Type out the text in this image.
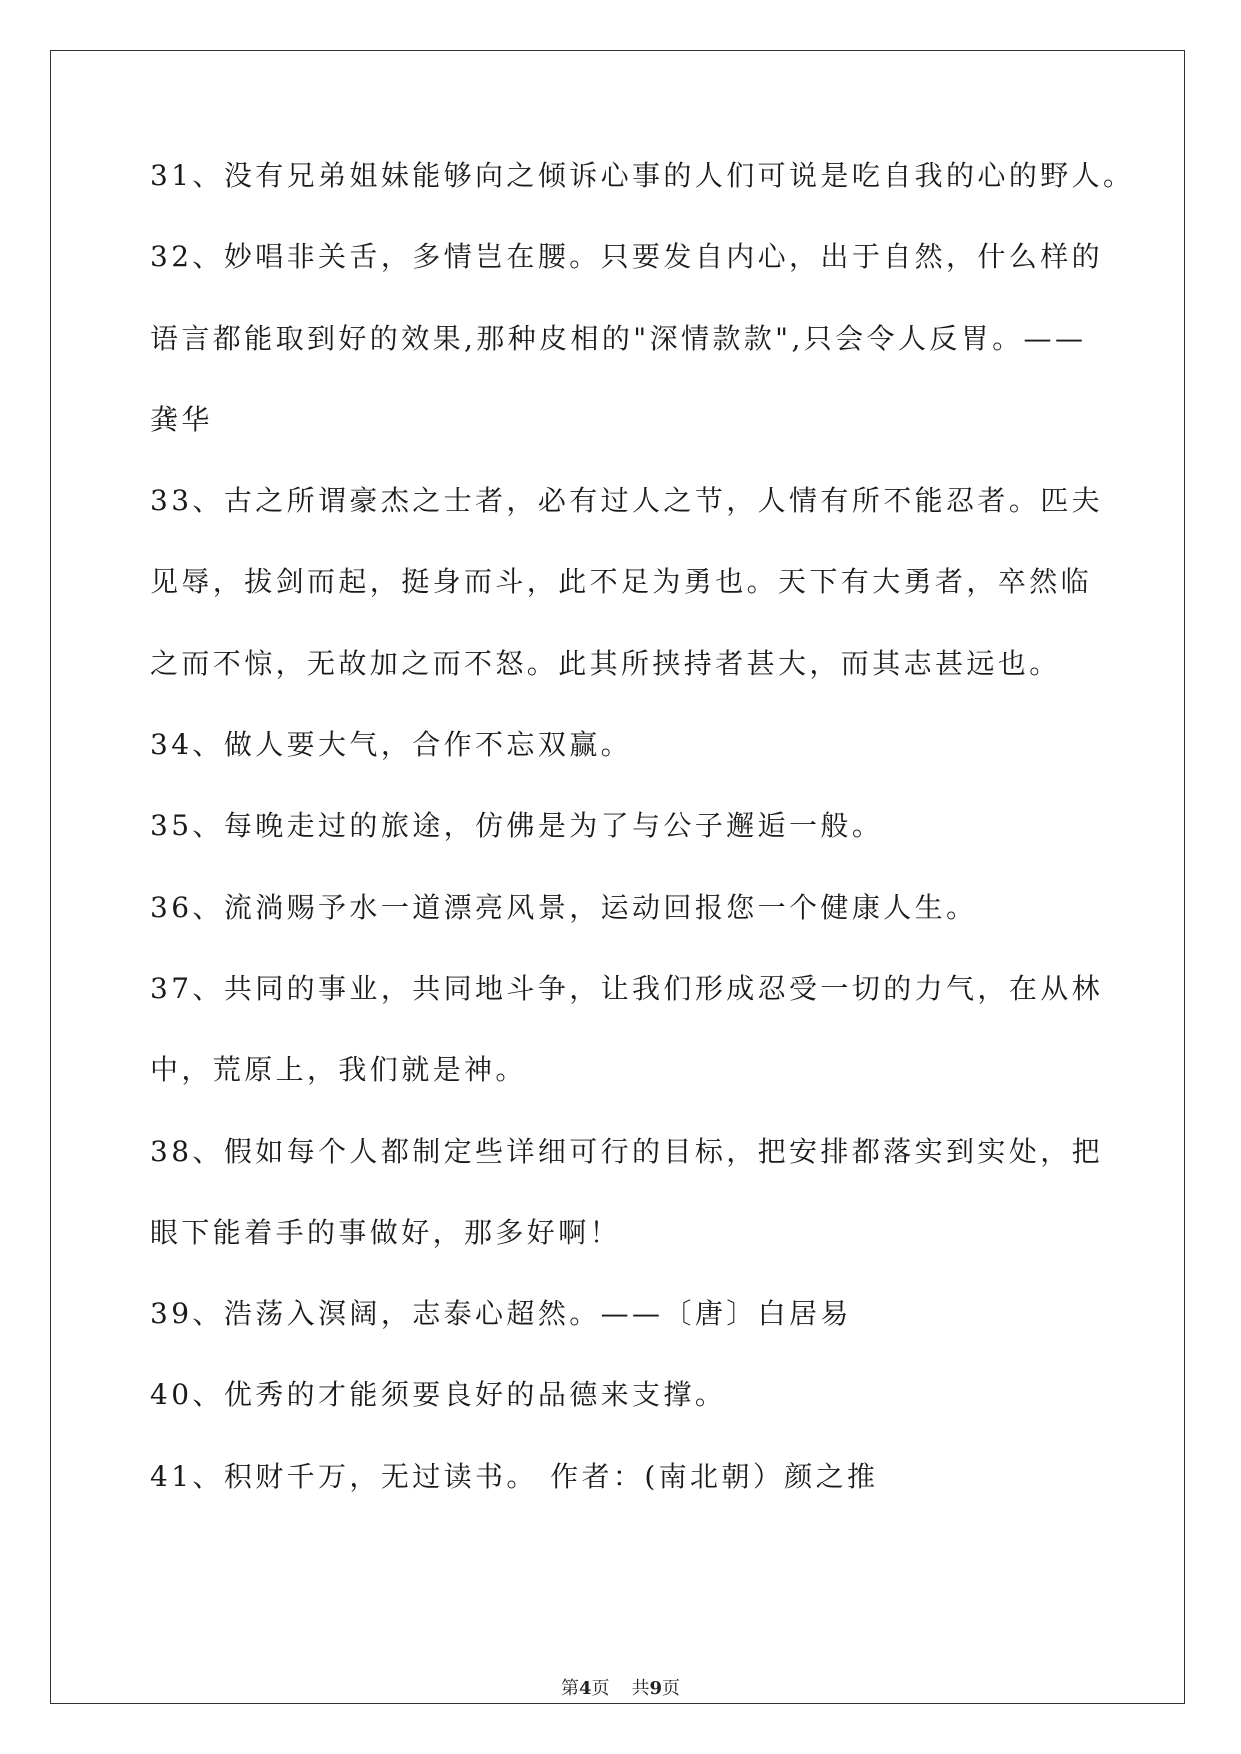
31、没有兄弟姐妹能够向之倾诉心事的人们可说是吃自我的心的野人。
32、妙唱非关舌，多情岂在腰。只要发自内心，出于自然，什么样的
语言都能取到好的效果,那种皮相的"深情款款",只会令人反胃。——
龚华
33、古之所谓豪杰之士者，必有过人之节，人情有所不能忍者。匹夫
见辱，拔剑而起，挺身而斗，此不足为勇也。天下有大勇者，卒然临
之而不惊，无故加之而不怒。此其所挟持者甚大，而其志甚远也。
34、做人要大气，合作不忘双赢。
35、每晚走过的旅途，仿佛是为了与公子邂逅一般。
36、流淌赐予水一道漂亮风景，运动回报您一个健康人生。
37、共同的事业，共同地斗争，让我们形成忍受一切的力气，在从林
中，荒原上，我们就是神。
38、假如每个人都制定些详细可行的目标，把安排都落实到实处，把
眼下能着手的事做好，那多好啊！
39、浩荡入溟阔，志泰心超然。——〔唐〕白居易
40、优秀的才能须要良好的品德来支撑。
41、积财千万，无过读书。 作者：(南北朝）颜之推
第4页 共9页
